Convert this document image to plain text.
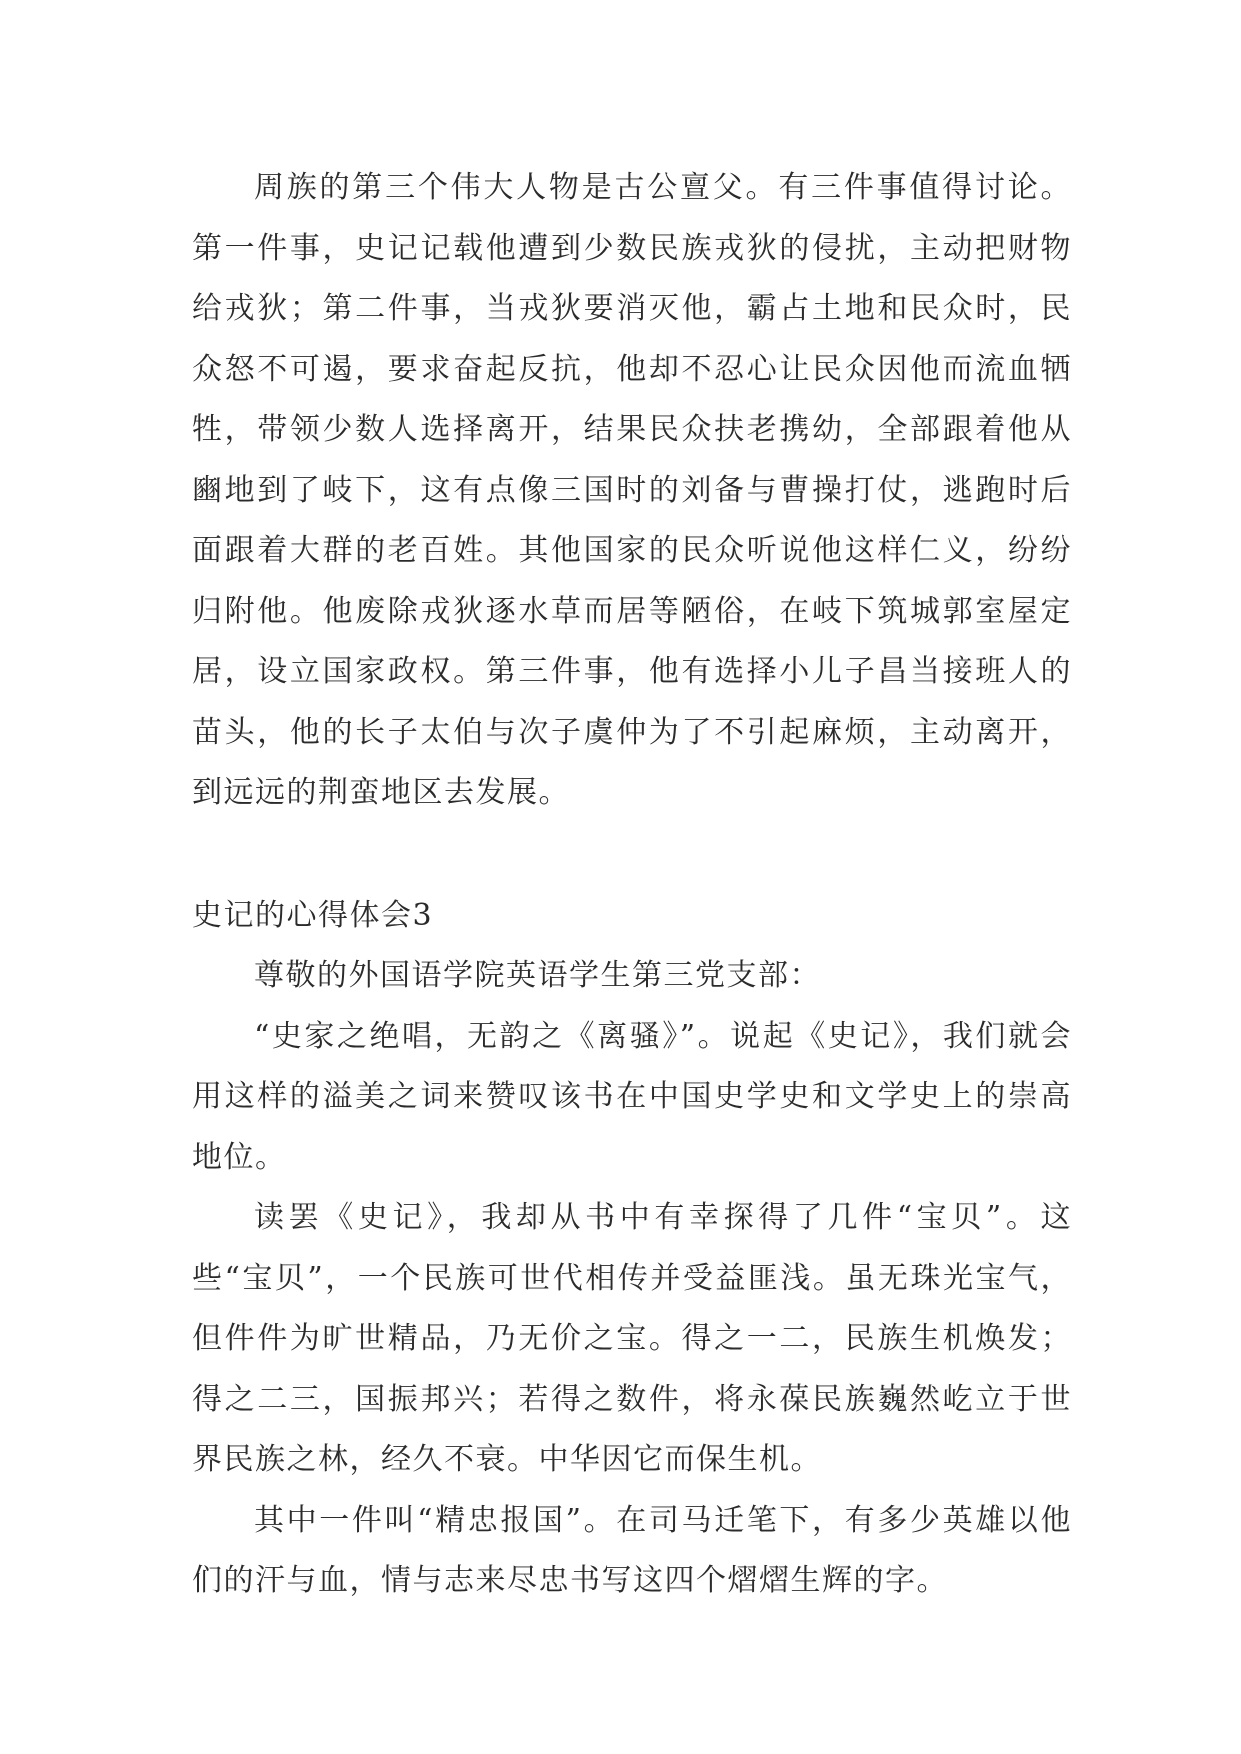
周族的第三个伟大人物是古公亶父。有三件事值得讨论。第一件事，史记记载他遭到少数民族戎狄的侵扰，主动把财物给戎狄；第二件事，当戎狄要消灭他，霸占土地和民众时，民众怒不可遏，要求奋起反抗，他却不忍心让民众因他而流血牺牲，带领少数人选择离开，结果民众扶老携幼，全部跟着他从豳地到了岐下，这有点像三国时的刘备与曹操打仗，逃跑时后面跟着大群的老百姓。其他国家的民众听说他这样仁义，纷纷归附他。他废除戎狄逐水草而居等陋俗，在岐下筑城郭室屋定居，设立国家政权。第三件事，他有选择小儿子昌当接班人的苗头，他的长子太伯与次子虞仲为了不引起麻烦，主动离开，到远远的荆蛮地区去发展。

史记的心得体会3

尊敬的外国语学院英语学生第三党支部：

“史家之绝唱，无韵之《离骚》”。说起《史记》，我们就会用这样的溢美之词来赞叹该书在中国史学史和文学史上的崇高地位。

读罢《史记》，我却从书中有幸探得了几件“宝贝”。这些“宝贝”，一个民族可世代相传并受益匪浅。虽无珠光宝气，但件件为旷世精品，乃无价之宝。得之一二，民族生机焕发；得之二三，国振邦兴；若得之数件，将永葆民族巍然屹立于世界民族之林，经久不衰。中华因它而保生机。

其中一件叫“精忠报国”。在司马迁笔下，有多少英雄以他们的汗与血，情与志来尽忠书写这四个熠熠生辉的字。
